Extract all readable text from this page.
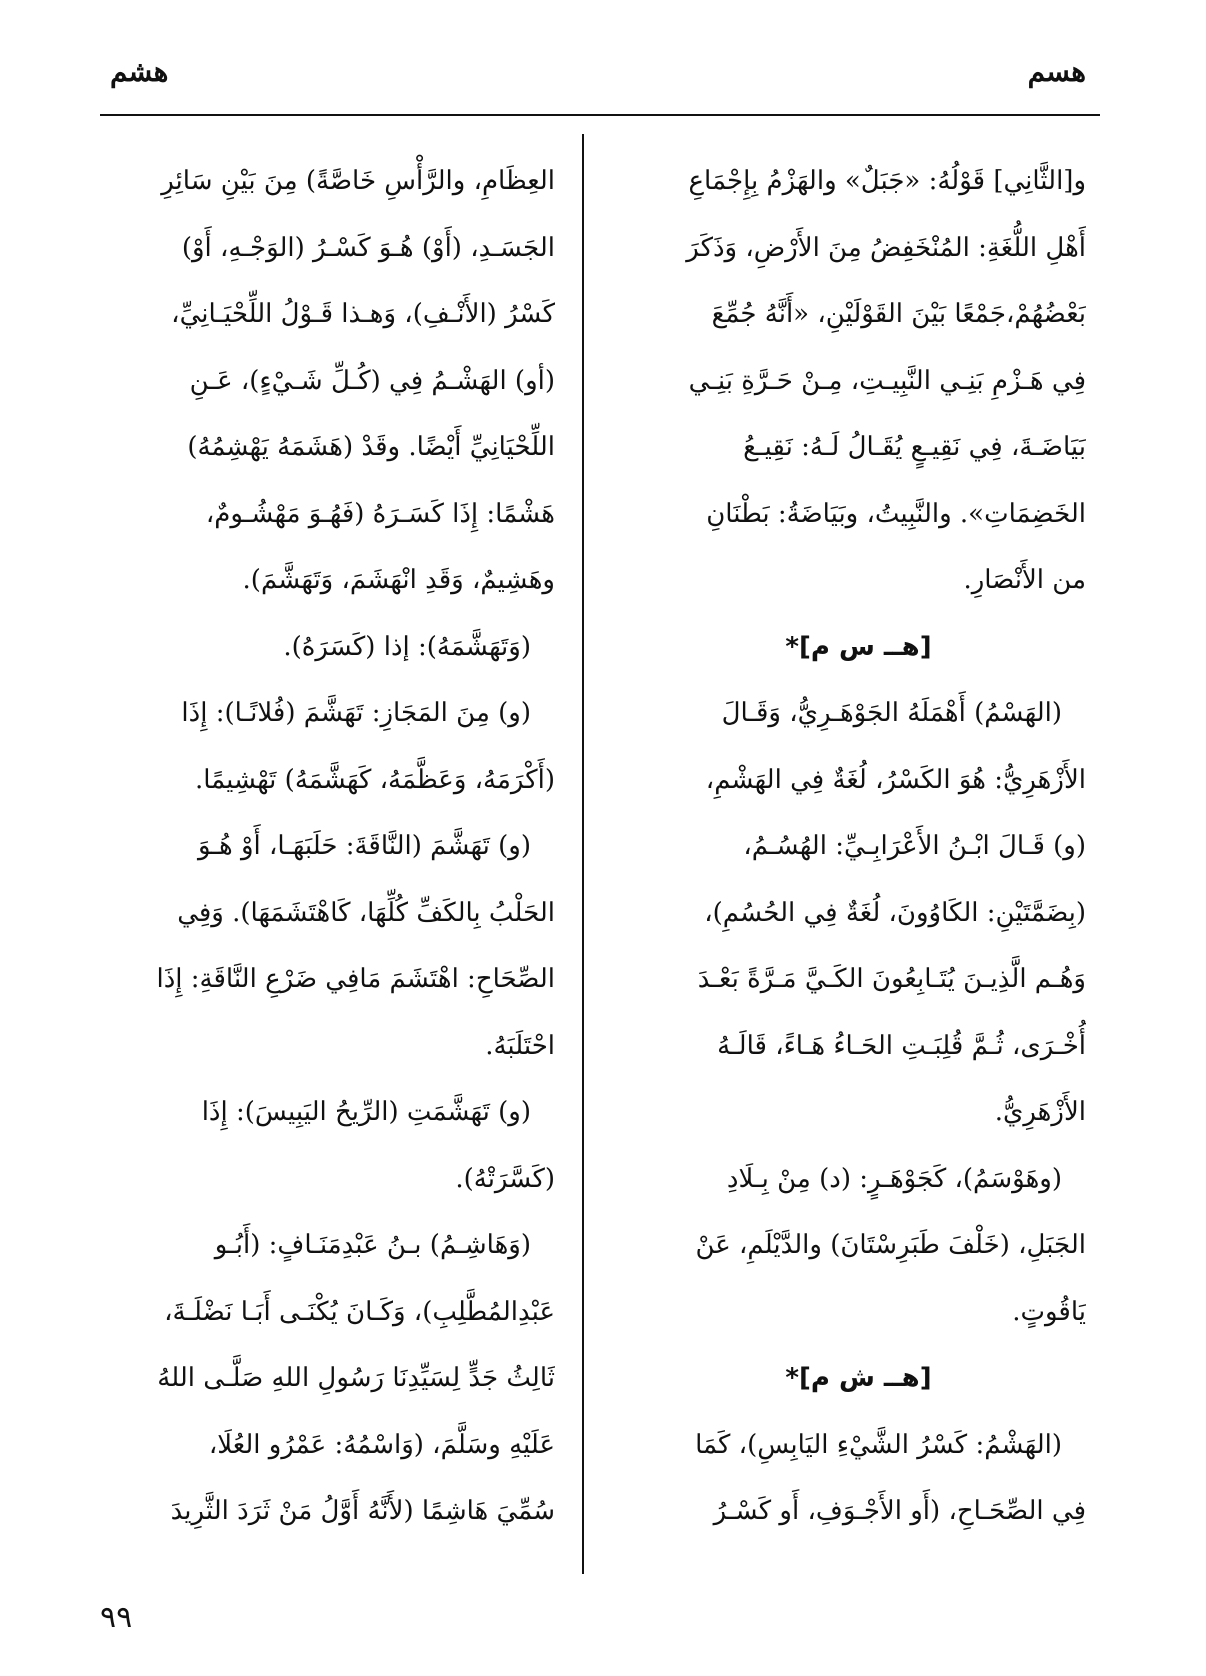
هسم
هشم
و[الثَّانِي] قَوْلُهُ: «جَبَلٌ» والهَزْمُ بِإِجْمَاعِ
أَهْلِ اللُّغَةِ: المُنْخَفِضُ مِنَ الأَرْضِ، وَذَكَرَ
بَعْضُهُمْ،جَمْعًا بَيْنَ القَوْلَيْنِ، «أَنَّهُ جُمِّعَ
فِي هَـزْمِ بَنِـي النَّبِيـتِ، مِـنْ حَـرَّةِ بَنِـي
بَيَاضَـةَ، فِي نَقِيـعٍ يُقَـالُ لَـهُ: نَقِيـعُ
الخَضِمَاتِ». والنَّبِيتُ، وبَيَاضَةُ: بَطْنَانِ
من الأَنْصَارِ.
[هــ س م]*
(الهَسْمُ) أَهْمَلَهُ الجَوْهَـرِيُّ، وَقَـالَ
الأَزْهَرِيُّ: هُوَ الكَسْرُ، لُغَةٌ فِي الهَشْمِ،
(و) قَـالَ ابْـنُ الأَعْرَابِـيِّ: الهُسُـمُ،
(بِضَمَّتَيْنِ: الكَاوُونَ، لُغَةٌ فِي الحُسُمِ)،
وَهُـم الَّذِيـنَ يُتَـابِعُونَ الكَـيَّ مَـرَّةً بَعْـدَ
أُخْـرَى، ثُـمَّ قُلِبَـتِ الحَـاءُ هَـاءً، قَالَـهُ
الأَزْهَرِيُّ.
(وهَوْسَمُ)، كَجَوْهَـرٍ: (د) مِنْ بِـلَادِ
الجَبَلِ، (خَلْفَ طَبَرِسْتَانَ) والدَّيْلَمِ، عَنْ
يَاقُوتٍ.
[هــ ش م]*
(الهَشْمُ: كَسْرُ الشَّيْءِ اليَابِسِ)، كَمَا
فِي الصِّحَـاحِ، (أَو الأَجْـوَفِ، أَو كَسْـرُ
العِظَامِ، والرَّأْسِ خَاصَّةً) مِنَ بَيْنِ سَائِرِ
الجَسَـدِ، (أَوْ) هُـوَ كَسْـرُ (الوَجْـهِ، أَوْ)
كَسْرُ (الأَنْـفِ)، وَهـذا قَـوْلُ اللِّحْيَـانِيِّ،
(أو) الهَشْـمُ فِي (كُـلِّ شَـيْءٍ)، عَـنِ
اللِّحْيَانِيِّ أَيْضًا. وقَدْ (هَشَمَهُ يَهْشِمُهُ)
هَشْمًا: إِذَا كَسَـرَهُ (فَهُـوَ مَهْشُـومٌ،
وهَشِيمٌ، وَقَدِ انْهَشَمَ، وَتَهَشَّمَ).
(وَتَهَشَّمَهُ): إذا (كَسَرَهُ).
(و) مِنَ المَجَازِ: تَهَشَّمَ (فُلانًـا): إِذَا
(أَكْرَمَهُ، وَعَظَّمَهُ، كَهَشَّمَهُ) تَهْشِيمًا.
(و) تَهَشَّمَ (النَّاقَةَ: حَلَبَهَـا، أَوْ هُـوَ
الحَلْبُ بِالكَفِّ كُلِّهَا، كَاهْتَشَمَهَا). وَفِي
الصِّحَاحِ: اهْتَشَمَ مَافِي ضَرْعِ النَّاقَةِ: إِذَا
احْتَلَبَهُ.
(و) تَهَشَّمَتِ (الرِّيحُ اليَبِيسَ): إِذَا
(كَسَّرَتْهُ).
(وَهَاشِـمُ) بـنُ عَبْدِمَنَـافٍ: (أَبُـو
عَبْدِالمُطَّلِبِ)، وَكَـانَ يُكْنَـى أَبَـا نَضْلَـةَ،
ثَالِثُ جَدٍّ لِسَيِّدِنَا رَسُولِ اللهِ صَلَّـى اللهُ
عَلَيْهِ وسَلَّمَ، (وَاسْمُهُ: عَمْرُو العُلَا،
سُمِّيَ هَاشِمًا (لأَنَّهُ أَوَّلُ مَنْ ثَرَدَ الثَّرِيدَ
٩٩
